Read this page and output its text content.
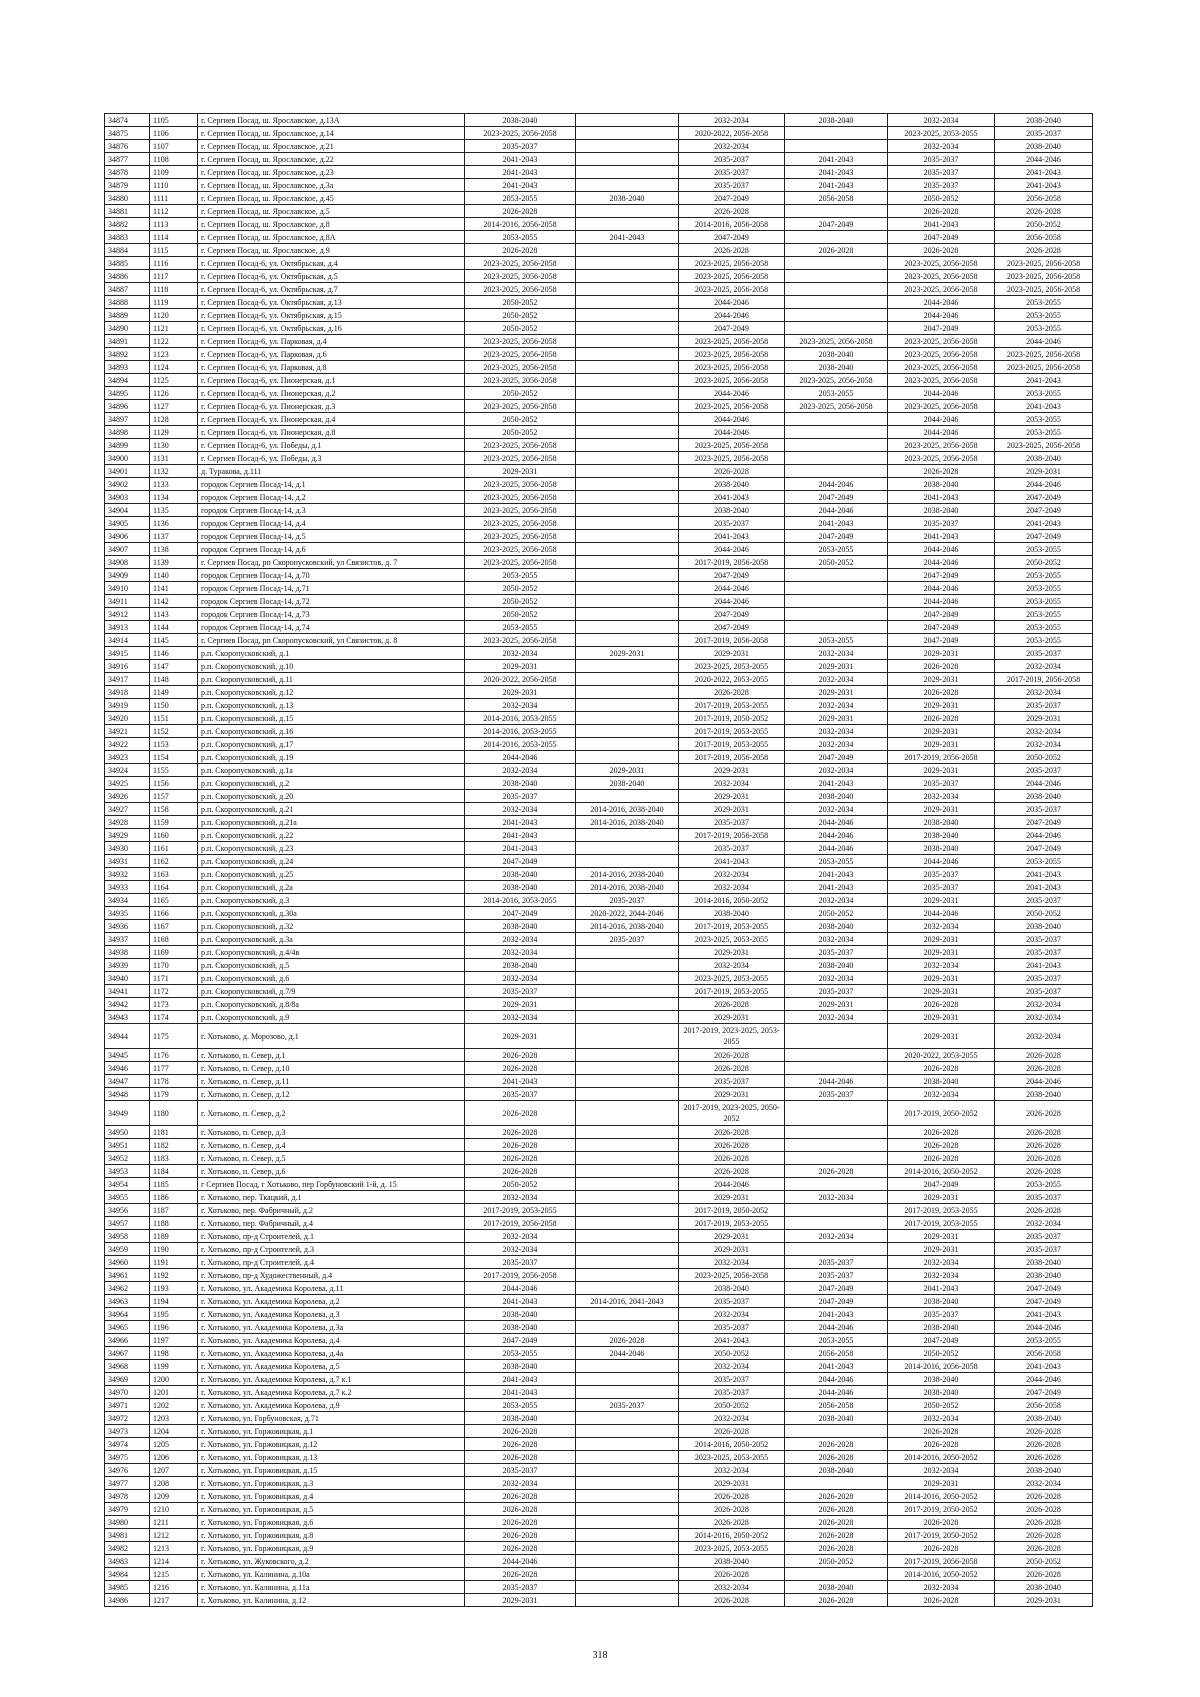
34874	1105	г. Сергиев Посад, ш. Ярославское, д.13А	2038-2040		2032-2034	2038-2040	2032-2034	2038-2040
34875	1106	г. Сергиев Посад, ш. Ярославское, д.14	2023-2025, 2056-2058		2020-2022, 2056-2058		2023-2025, 2053-2055	2035-2037
34876	1107	г. Сергиев Посад, ш. Ярославское, д.21	2035-2037		2032-2034		2032-2034	2038-2040
34877	1108	г. Сергиев Посад, ш. Ярославское, д.22	2041-2043		2035-2037	2041-2043	2035-2037	2044-2046
34878	1109	г. Сергиев Посад, ш. Ярославское, д.23	2041-2043		2035-2037	2041-2043	2035-2037	2041-2043
34879	1110	г. Сергиев Посад, ш. Ярославское, д.3а	2041-2043		2035-2037	2041-2043	2035-2037	2041-2043
34880	1111	г. Сергиев Посад, ш. Ярославское, д.45	2053-2055	2038-2040	2047-2049	2056-2058	2050-2052	2056-2058
34881	1112	г. Сергиев Посад, ш. Ярославское, д.5	2026-2028		2026-2028		2026-2028	2026-2028
34882	1113	г. Сергиев Посад, ш. Ярославское, д.8	2014-2016, 2056-2058		2014-2016, 2056-2058	2047-2049	2041-2043	2050-2052
34883	1114	г. Сергиев Посад, ш. Ярославское, д.8А	2053-2055	2041-2043	2047-2049		2047-2049	2056-2058
34884	1115	г. Сергиев Посад, ш. Ярославское, д.9	2026-2028		2026-2028	2026-2028	2026-2028	2026-2028
34885	1116	г. Сергиев Посад-6, ул. Октябрьская, д.4	2023-2025, 2056-2058		2023-2025, 2056-2058		2023-2025, 2056-2058	2023-2025, 2056-2058
34886	1117	г. Сергиев Посад-6, ул. Октябрьская, д.5	2023-2025, 2056-2058		2023-2025, 2056-2058		2023-2025, 2056-2058	2023-2025, 2056-2058
34887	1118	г. Сергиев Посад-6, ул. Октябрьская, д.7	2023-2025, 2056-2058		2023-2025, 2056-2058		2023-2025, 2056-2058	2023-2025, 2056-2058
34888	1119	г. Сергиев Посад-6, ул. Октябрьская, д.13	2050-2052		2044-2046		2044-2046	2053-2055
34889	1120	г. Сергиев Посад-6, ул. Октябрьская, д.15	2050-2052		2044-2046		2044-2046	2053-2055
34890	1121	г. Сергиев Посад-6, ул. Октябрьская, д.16	2050-2052		2047-2049		2047-2049	2053-2055
34891	1122	г. Сергиев Посад-6, ул. Парковая, д.4	2023-2025, 2056-2058		2023-2025, 2056-2058	2023-2025, 2056-2058	2023-2025, 2056-2058	2044-2046
34892	1123	г. Сергиев Посад-6, ул. Парковая, д.6	2023-2025, 2056-2058		2023-2025, 2056-2058	2038-2040	2023-2025, 2056-2058	2023-2025, 2056-2058
34893	1124	г. Сергиев Посад-6, ул. Парковая, д.8	2023-2025, 2056-2058		2023-2025, 2056-2058	2038-2040	2023-2025, 2056-2058	2023-2025, 2056-2058
34894	1125	г. Сергиев Посад-6, ул. Пионерская, д.1	2023-2025, 2056-2058		2023-2025, 2056-2058	2023-2025, 2056-2058	2023-2025, 2056-2058	2041-2043
34895	1126	г. Сергиев Посад-6, ул. Пионерская, д.2	2050-2052		2044-2046	2053-2055	2044-2046	2053-2055
34896	1127	г. Сергиев Посад-6, ул. Пионерская, д.3	2023-2025, 2056-2058		2023-2025, 2056-2058	2023-2025, 2056-2058	2023-2025, 2056-2058	2041-2043
34897	1128	г. Сергиев Посад-6, ул. Пионерская, д.4	2050-2052		2044-2046		2044-2046	2053-2055
34898	1129	г. Сергиев Посад-6, ул. Пионерская, д.8	2050-2052		2044-2046		2044-2046	2053-2055
34899	1130	г. Сергиев Посад-6, ул. Победы, д.1	2023-2025, 2056-2058		2023-2025, 2056-2058		2023-2025, 2056-2058	2023-2025, 2056-2058
34900	1131	г. Сергиев Посад-6, ул. Победы, д.3	2023-2025, 2056-2058		2023-2025, 2056-2058		2023-2025, 2056-2058	2038-2040
34901	1132	д. Туракова, д.111	2029-2031		2026-2028		2026-2028	2029-2031
34902	1133	городок Сергиев Посад-14, д.1	2023-2025, 2056-2058		2038-2040	2044-2046	2038-2040	2044-2046
34903	1134	городок Сергиев Посад-14, д.2	2023-2025, 2056-2058		2041-2043	2047-2049	2041-2043	2047-2049
34904	1135	городок Сергиев Посад-14, д.3	2023-2025, 2056-2058		2038-2040	2044-2046	2038-2040	2047-2049
34905	1136	городок Сергиев Посад-14, д.4	2023-2025, 2056-2058		2035-2037	2041-2043	2035-2037	2041-2043
34906	1137	городок Сергиев Посад-14, д.5	2023-2025, 2056-2058		2041-2043	2047-2049	2041-2043	2047-2049
34907	1138	городок Сергиев Посад-14, д.6	2023-2025, 2056-2058		2044-2046	2053-2055	2044-2046	2053-2055
34908	1139	г. Сергиев Посад, рп Скоропусковский, ул Связистов, д. 7	2023-2025, 2056-2058		2017-2019, 2056-2058	2050-2052	2044-2046	2050-2052
34909	1140	городок Сергиев Посад-14, д.70	2053-2055		2047-2049		2047-2049	2053-2055
34910	1141	городок Сергиев Посад-14, д.71	2050-2052		2044-2046		2044-2046	2053-2055
34911	1142	городок Сергиев Посад-14, д.72	2050-2052		2044-2046		2044-2046	2053-2055
34912	1143	городок Сергиев Посад-14, д.73	2050-2052		2047-2049		2047-2049	2053-2055
34913	1144	городок Сергиев Посад-14, д.74	2053-2055		2047-2049		2047-2049	2053-2055
34914	1145	г. Сергиев Посад, рп Скоропусковский, ул Связистов, д. 8	2023-2025, 2056-2058		2017-2019, 2056-2058	2053-2055	2047-2049	2053-2055
34915	1146	р.п. Скоропусковский, д.1	2032-2034	2029-2031	2029-2031	2032-2034	2029-2031	2035-2037
34916	1147	р.п. Скоропусковский, д.10	2029-2031		2023-2025, 2053-2055	2029-2031	2026-2028	2032-2034
34917	1148	р.п. Скоропусковский, д.11	2020-2022, 2056-2058		2020-2022, 2053-2055	2032-2034	2029-2031	2017-2019, 2056-2058
34918	1149	р.п. Скоропусковский, д.12	2029-2031		2026-2028	2029-2031	2026-2028	2032-2034
34919	1150	р.п. Скоропусковский, д.13	2032-2034		2017-2019, 2053-2055	2032-2034	2029-2031	2035-2037
34920	1151	р.п. Скоропусковский, д.15	2014-2016, 2053-2055		2017-2019, 2050-2052	2029-2031	2026-2028	2029-2031
34921	1152	р.п. Скоропусковский, д.16	2014-2016, 2053-2055		2017-2019, 2053-2055	2032-2034	2029-2031	2032-2034
34922	1153	р.п. Скоропусковский, д.17	2014-2016, 2053-2055		2017-2019, 2053-2055	2032-2034	2029-2031	2032-2034
34923	1154	р.п. Скоропусковский, д.19	2044-2046		2017-2019, 2056-2058	2047-2049	2017-2019, 2056-2058	2050-2052
34924	1155	р.п. Скоропусковский, д.1а	2032-2034	2029-2031	2029-2031	2032-2034	2029-2031	2035-2037
34925	1156	р.п. Скоропусковский, д.2	2038-2040	2038-2040	2032-2034	2041-2043	2035-2037	2044-2046
34926	1157	р.п. Скоропусковский, д.20	2035-2037		2029-2031	2038-2040	2032-2034	2038-2040
34927	1158	р.п. Скоропусковский, д.21	2032-2034	2014-2016, 2038-2040	2029-2031	2032-2034	2029-2031	2035-2037
34928	1159	р.п. Скоропусковский, д.21а	2041-2043	2014-2016, 2038-2040	2035-2037	2044-2046	2038-2040	2047-2049
34929	1160	р.п. Скоропусковский, д.22	2041-2043		2017-2019, 2056-2058	2044-2046	2038-2040	2044-2046
34930	1161	р.п. Скоропусковский, д.23	2041-2043		2035-2037	2044-2046	2038-2040	2047-2049
34931	1162	р.п. Скоропусковский, д.24	2047-2049		2041-2043	2053-2055	2044-2046	2053-2055
34932	1163	р.п. Скоропусковский, д.25	2038-2040	2014-2016, 2038-2040	2032-2034	2041-2043	2035-2037	2041-2043
34933	1164	р.п. Скоропусковский, д.2а	2038-2040	2014-2016, 2038-2040	2032-2034	2041-2043	2035-2037	2041-2043
34934	1165	р.п. Скоропусковский, д.3	2014-2016, 2053-2055	2035-2037	2014-2016, 2050-2052	2032-2034	2029-2031	2035-2037
34935	1166	р.п. Скоропусковский, д.30а	2047-2049	2020-2022, 2044-2046	2038-2040	2050-2052	2044-2046	2050-2052
34936	1167	р.п. Скоропусковский, д.32	2038-2040	2014-2016, 2038-2040	2017-2019, 2053-2055	2038-2040	2032-2034	2038-2040
34937	1168	р.п. Скоропусковский, д.3а	2032-2034	2035-2037	2023-2025, 2053-2055	2032-2034	2029-2031	2035-2037
34938	1169	р.п. Скоропусковский, д.4/4в	2032-2034		2029-2031	2035-2037	2029-2031	2035-2037
34939	1170	р.п. Скоропусковский, д.5	2038-2040		2032-2034	2038-2040	2032-2034	2041-2043
34940	1171	р.п. Скоропусковский, д.6	2032-2034		2023-2025, 2053-2055	2032-2034	2029-2031	2035-2037
34941	1172	р.п. Скоропусковский, д.7/9	2035-2037		2017-2019, 2053-2055	2035-2037	2029-2031	2035-2037
34942	1173	р.п. Скоропусковский, д.8/8а	2029-2031		2026-2028	2029-2031	2026-2028	2032-2034
34943	1174	р.п. Скоропусковский, д.9	2032-2034		2029-2031	2032-2034	2029-2031	2032-2034
34944	1175	г. Хотьково, д. Морозово, д.1	2029-2031		2017-2019, 2023-2025, 2053-2055		2029-2031	2032-2034
34945	1176	г. Хотьково, п. Север, д.1	2026-2028		2026-2028		2020-2022, 2053-2055	2026-2028
34946	1177	г. Хотьково, п. Север, д.10	2026-2028		2026-2028		2026-2028	2026-2028
34947	1178	г. Хотьково, п. Север, д.11	2041-2043		2035-2037	2044-2046	2038-2040	2044-2046
34948	1179	г. Хотьково, п. Север, д.12	2035-2037		2029-2031	2035-2037	2032-2034	2038-2040
34949	1180	г. Хотьково, п. Север, д.2	2026-2028		2017-2019, 2023-2025, 2050-2052		2017-2019, 2050-2052	2026-2028
34950	1181	г. Хотьково, п. Север, д.3	2026-2028		2026-2028		2026-2028	2026-2028
34951	1182	г. Хотьково, п. Север, д.4	2026-2028		2026-2028		2026-2028	2026-2028
34952	1183	г. Хотьково, п. Север, д.5	2026-2028		2026-2028		2026-2028	2026-2028
34953	1184	г. Хотьково, п. Север, д.6	2026-2028		2026-2028	2026-2028	2014-2016, 2050-2052	2026-2028
34954	1185	г Сергиев Посад, г Хотьково, пер Горбуновский 1-й, д. 15	2050-2052		2044-2046		2047-2049	2053-2055
34955	1186	г. Хотьково, пер. Ткацкий, д.1	2032-2034		2029-2031	2032-2034	2029-2031	2035-2037
34956	1187	г. Хотьково, пер. Фабричный, д.2	2017-2019, 2053-2055		2017-2019, 2050-2052		2017-2019, 2053-2055	2026-2028
34957	1188	г. Хотьково, пер. Фабричный, д.4	2017-2019, 2056-2058		2017-2019, 2053-2055		2017-2019, 2053-2055	2032-2034
34958	1189	г. Хотьково, пр-д Строителей, д.1	2032-2034		2029-2031	2032-2034	2029-2031	2035-2037
34959	1190	г. Хотьково, пр-д Строителей, д.3	2032-2034		2029-2031		2029-2031	2035-2037
34960	1191	г. Хотьково, пр-д Строителей, д.4	2035-2037		2032-2034	2035-2037	2032-2034	2038-2040
34961	1192	г. Хотьково, пр-д Художественный, д.4	2017-2019, 2056-2058		2023-2025, 2056-2058	2035-2037	2032-2034	2038-2040
34962	1193	г. Хотьково, ул. Академика Королева, д.11	2044-2046		2038-2040	2047-2049	2041-2043	2047-2049
34963	1194	г. Хотьково, ул. Академика Королева, д.2	2041-2043	2014-2016, 2041-2043	2035-2037	2047-2049	2038-2040	2047-2049
34964	1195	г. Хотьково, ул. Академика Королева, д.3	2038-2040		2032-2034	2041-2043	2035-2037	2041-2043
34965	1196	г. Хотьково, ул. Академика Королева, д.3а	2038-2040		2035-2037	2044-2046	2038-2040	2044-2046
34966	1197	г. Хотьково, ул. Академика Королева, д.4	2047-2049	2026-2028	2041-2043	2053-2055	2047-2049	2053-2055
34967	1198	г. Хотьково, ул. Академика Королева, д.4а	2053-2055	2044-2046	2050-2052	2056-2058	2050-2052	2056-2058
34968	1199	г. Хотьково, ул. Академика Королева, д.5	2038-2040		2032-2034	2041-2043	2014-2016, 2056-2058	2041-2043
34969	1200	г. Хотьково, ул. Академика Королева, д.7 к.1	2041-2043		2035-2037	2044-2046	2038-2040	2044-2046
34970	1201	г. Хотьково, ул. Академика Королева, д.7 к.2	2041-2043		2035-2037	2044-2046	2038-2040	2047-2049
34971	1202	г. Хотьково, ул. Академика Королева, д.9	2053-2055	2035-2037	2050-2052	2056-2058	2050-2052	2056-2058
34972	1203	г. Хотьково, ул. Горбуновская, д.71	2038-2040		2032-2034	2038-2040	2032-2034	2038-2040
34973	1204	г. Хотьково, ул. Горжовицкая, д.1	2026-2028		2026-2028		2026-2028	2026-2028
34974	1205	г. Хотьково, ул. Горжовицкая, д.12	2026-2028		2014-2016, 2050-2052	2026-2028	2026-2028	2026-2028
34975	1206	г. Хотьково, ул. Горжовицкая, д.13	2026-2028		2023-2025, 2053-2055	2026-2028	2014-2016, 2050-2052	2026-2028
34976	1207	г. Хотьково, ул. Горжовицкая, д.15	2035-2037		2032-2034	2038-2040	2032-2034	2038-2040
34977	1208	г. Хотьково, ул. Горжовицкая, д.3	2032-2034		2029-2031		2029-2031	2032-2034
34978	1209	г. Хотьково, ул. Горжовицкая, д.4	2026-2028		2026-2028	2026-2028	2014-2016, 2050-2052	2026-2028
34979	1210	г. Хотьково, ул. Горжовицкая, д.5	2026-2028		2026-2028	2026-2028	2017-2019, 2050-2052	2026-2028
34980	1211	г. Хотьково, ул. Горжовицкая, д.6	2026-2028		2026-2028	2026-2028	2026-2028	2026-2028
34981	1212	г. Хотьково, ул. Горжовицкая, д.8	2026-2028		2014-2016, 2050-2052	2026-2028	2017-2019, 2050-2052	2026-2028
34982	1213	г. Хотьково, ул. Горжовицкая, д.9	2026-2028		2023-2025, 2053-2055	2026-2028	2026-2028	2026-2028
34983	1214	г. Хотьково, ул. Жуковского, д.2	2044-2046		2038-2040	2050-2052	2017-2019, 2056-2058	2050-2052
34984	1215	г. Хотьково, ул. Калинина, д.10а	2026-2028		2026-2028		2014-2016, 2050-2052	2026-2028
34985	1216	г. Хотьково, ул. Калинина, д.11а	2035-2037		2032-2034	2038-2040	2032-2034	2038-2040
34986	1217	г. Хотьково, ул. Калинина, д.12	2029-2031		2026-2028	2026-2028	2026-2028	2029-2031
318
